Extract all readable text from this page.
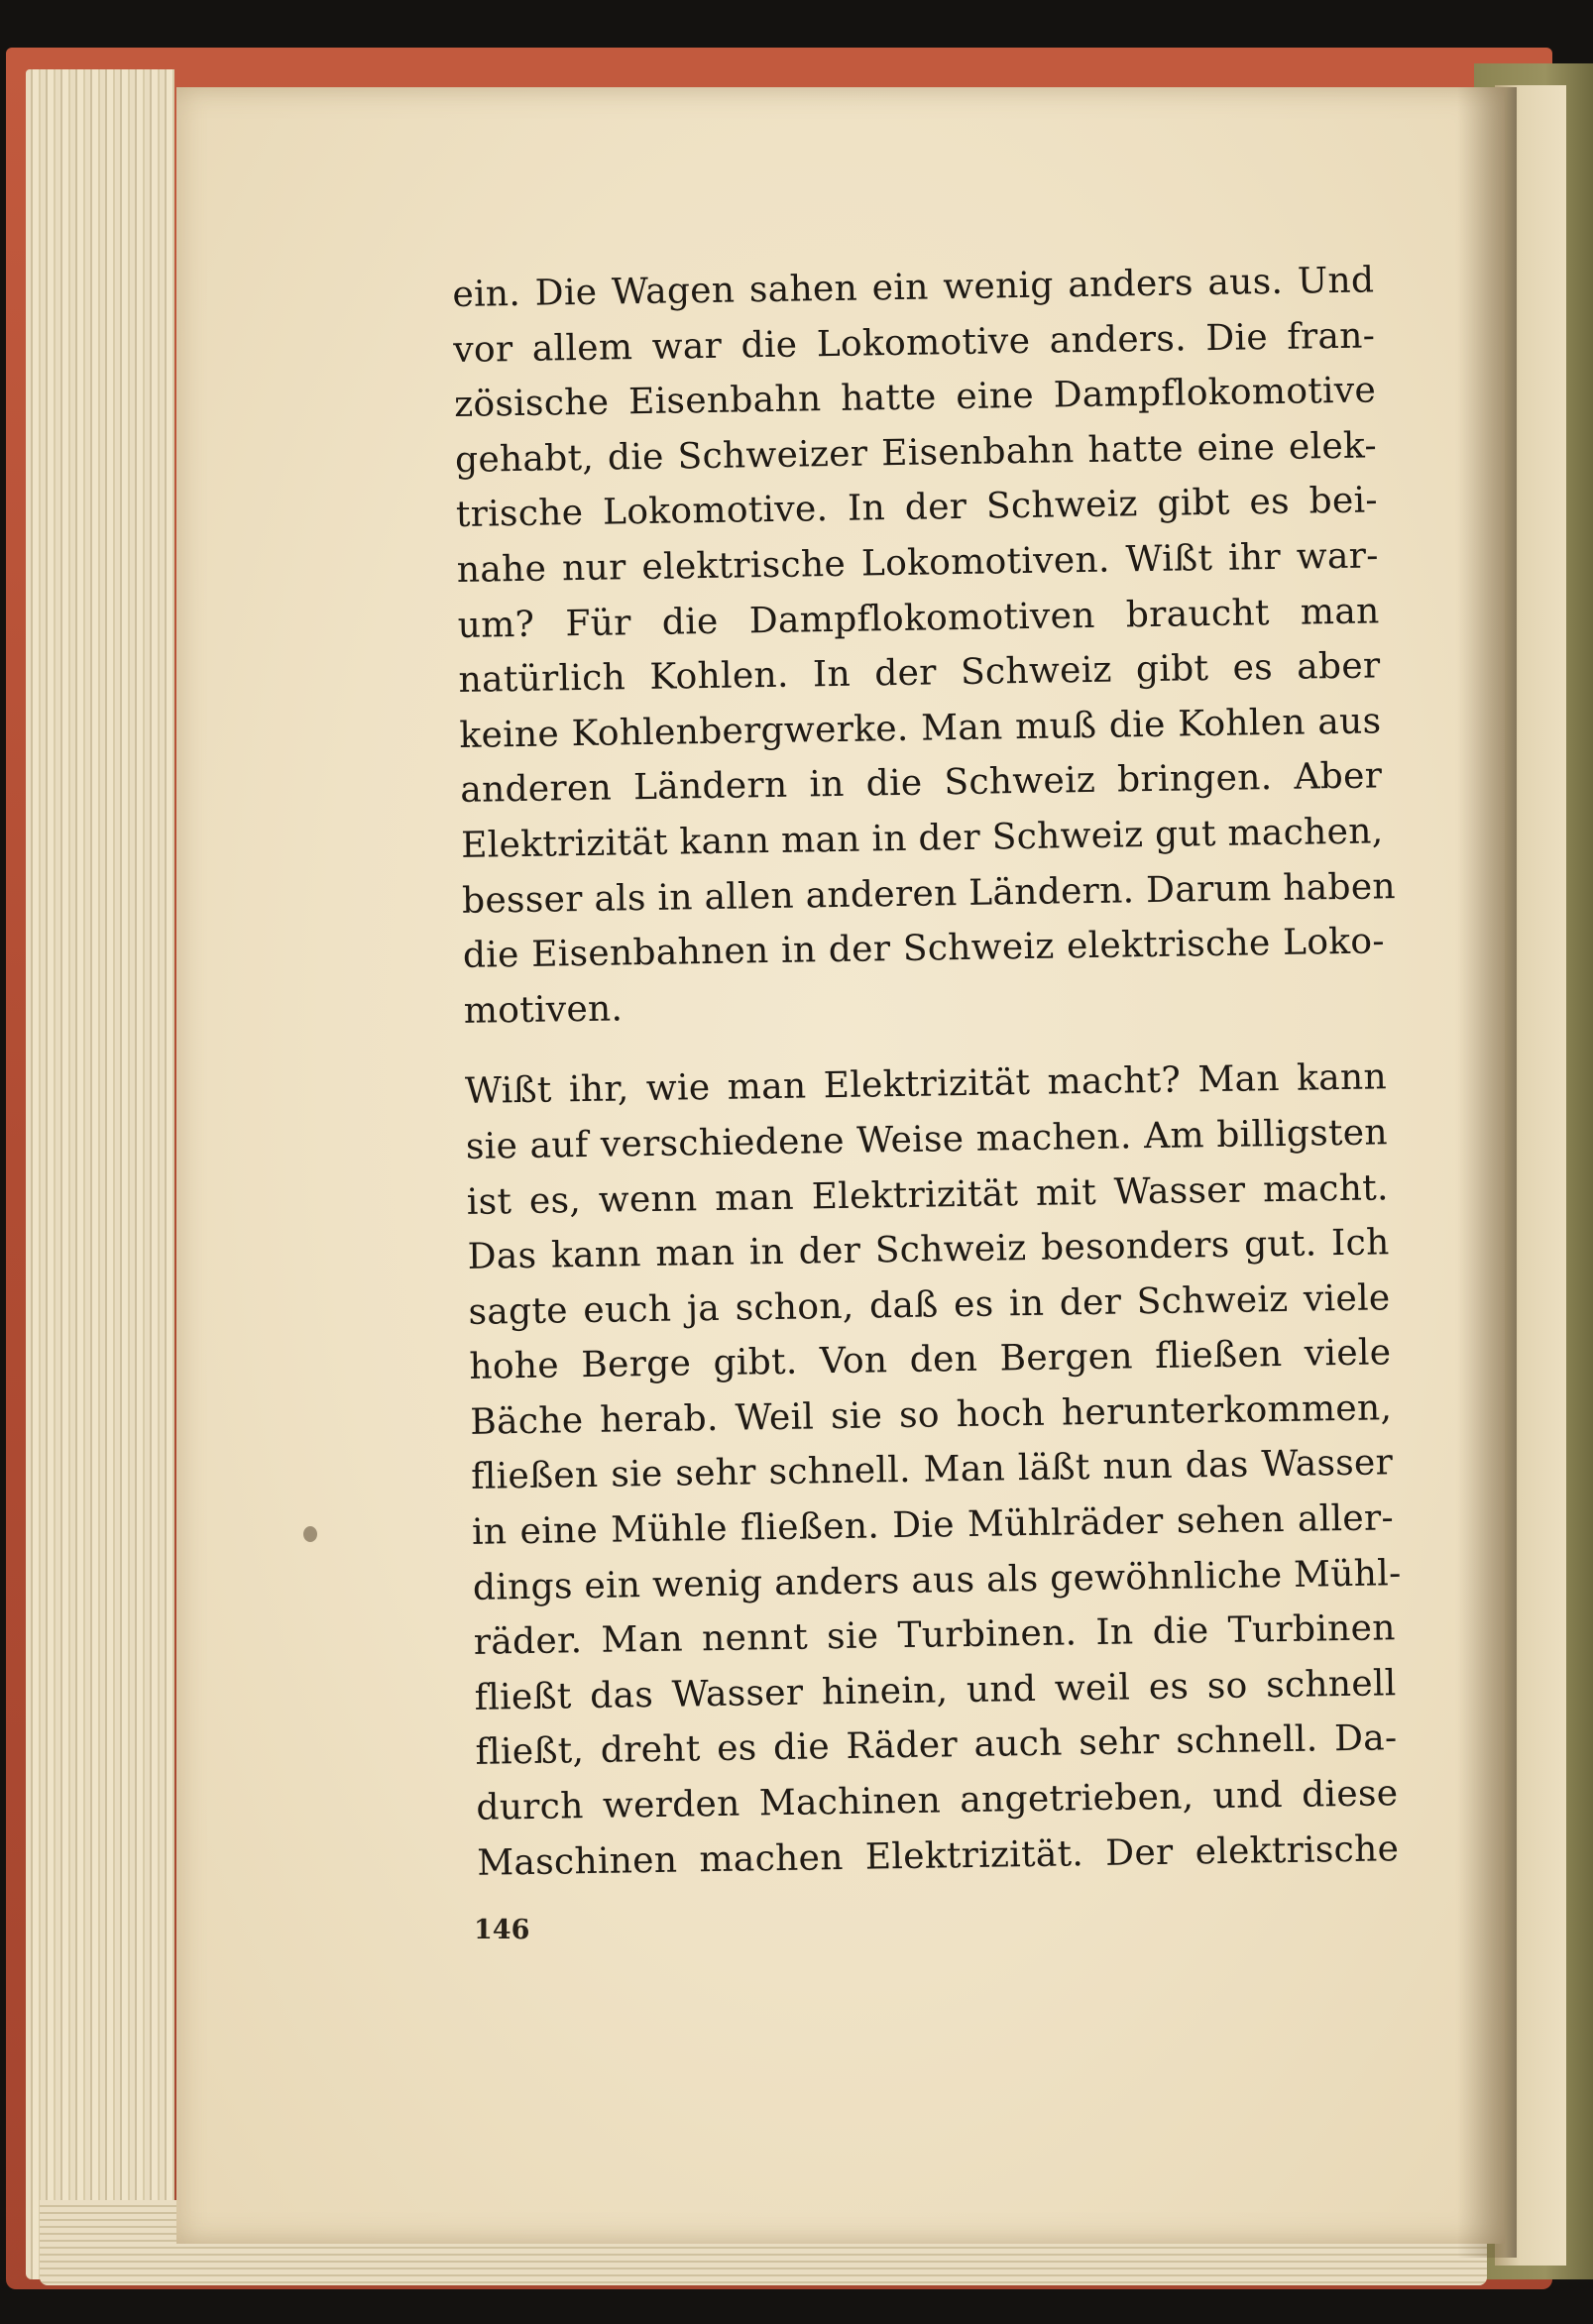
ein. Die Wagen sahen ein wenig anders aus. Und
vor allem war die Lokomotive anders. Die fran-
zösische Eisenbahn hatte eine Dampflokomotive
gehabt, die Schweizer Eisenbahn hatte eine elek-
trische Lokomotive. In der Schweiz gibt es bei-
nahe nur elektrische Lokomotiven. Wißt ihr war-
um? Für die Dampflokomotiven braucht man
natürlich Kohlen. In der Schweiz gibt es aber
keine Kohlenbergwerke. Man muß die Kohlen aus
anderen Ländern in die Schweiz bringen. Aber
Elektrizität kann man in der Schweiz gut machen,
besser als in allen anderen Ländern. Darum haben
die Eisenbahnen in der Schweiz elektrische Loko-
motiven.

Wißt ihr, wie man Elektrizität macht? Man kann
sie auf verschiedene Weise machen. Am billigsten
ist es, wenn man Elektrizität mit Wasser macht.
Das kann man in der Schweiz besonders gut. Ich
sagte euch ja schon, daß es in der Schweiz viele
hohe Berge gibt. Von den Bergen fließen viele
Bäche herab. Weil sie so hoch herunterkommen,
fließen sie sehr schnell. Man läßt nun das Wasser
in eine Mühle fließen. Die Mühlräder sehen aller-
dings ein wenig anders aus als gewöhnliche Mühl-
räder. Man nennt sie Turbinen. In die Turbinen
fließt das Wasser hinein, und weil es so schnell
fließt, dreht es die Räder auch sehr schnell. Da-
durch werden Machinen angetrieben, und diese
Maschinen machen Elektrizität. Der elektrische

146
